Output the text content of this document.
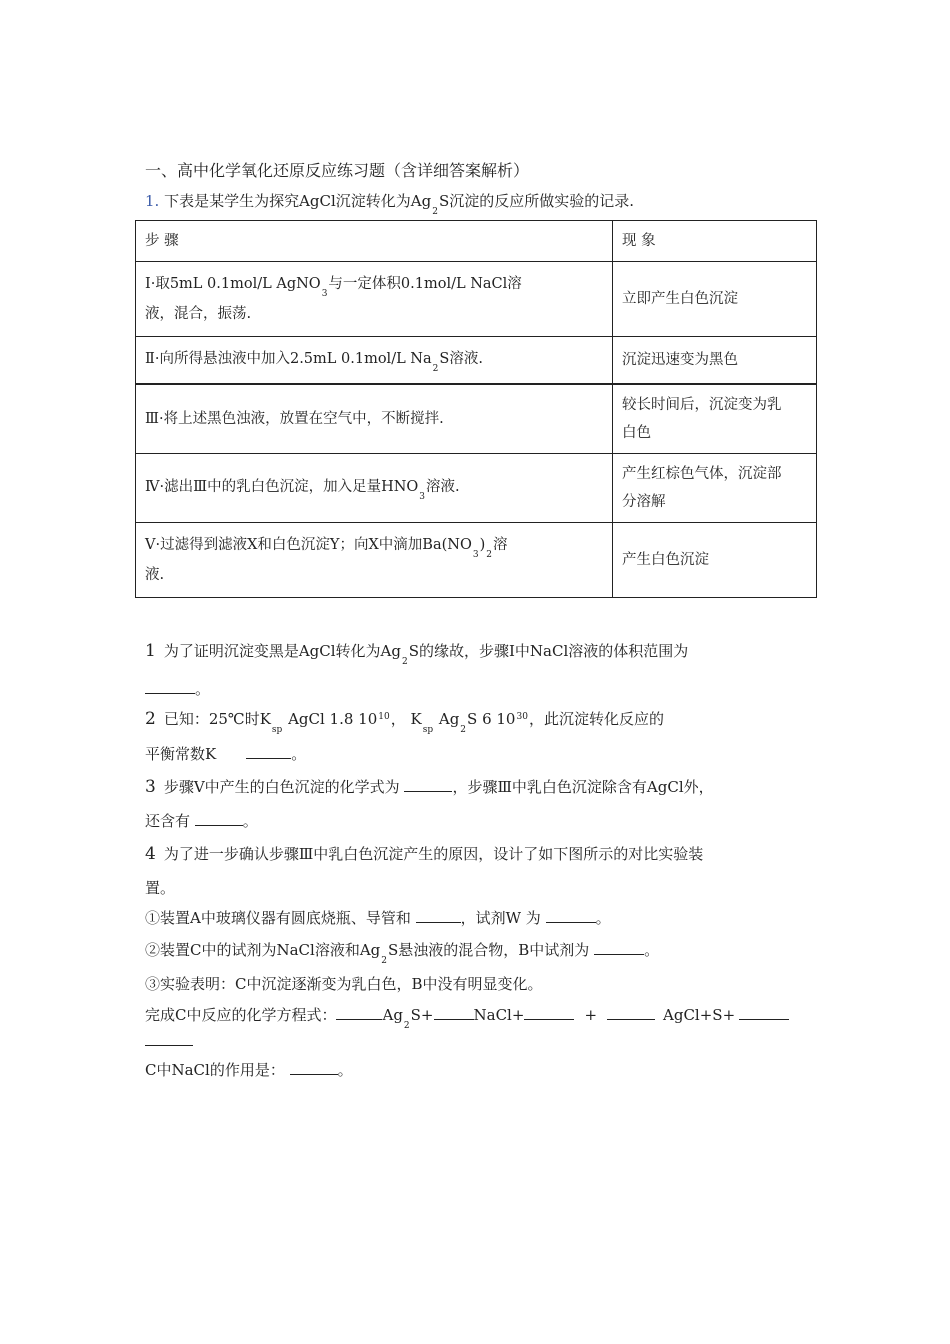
一、高中化学氧化还原反应练习题（含详细答案解析）
1. 下表是某学生为探究AgCl沉淀转化为$Ag_2S$沉淀的反应所做实验的记录.
步 骤	现 象
Ⅰ·取5mL 0.1mol/L AgNO$_3$与一定体积0.1mol/L NaCl溶
液，混合，振荡.	立即产生白色沉淀
Ⅱ·向所得悬浊液中加入2.5mL 0.1mol/L $Na_2S$溶液.	沉淀迅速变为黑色
Ⅲ·将上述黑色浊液，放置在空气中，不断搅拌.	较长时间后，沉淀变为乳
白色
Ⅳ·滤出Ⅲ中的乳白色沉淀，加入足量$HNO_3$溶液.	产生红棕色气体，沉淀部
分溶解
Ⅴ·过滤得到滤液X和白色沉淀Y；向X中滴加$Ba(NO_3)_2$溶
液.	产生白色沉淀
1 为了证明沉淀变黑是AgCl转化为$Ag_2S$的缘故，步骤Ⅰ中NaCl溶液的体积范围为
。
2 已知：25℃时$K_{sp}$ AgCl 1.8 $10^{10}$， $K_{sp}$ $Ag_2S$ 6 $10^{30}$，此沉淀转化反应的
平衡常数K	。
3 步骤Ⅴ中产生的白色沉淀的化学式为	，步骤Ⅲ中乳白色沉淀除含有AgCl外，
还含有	。
4 为了进一步确认步骤Ⅲ中乳白色沉淀产生的原因，设计了如下图所示的对比实验装
置。
①装置A中玻璃仪器有圆底烧瓶、导管和	，试剂W 为	。
②装置C中的试剂为NaCl溶液和$Ag_2S$悬浊液的混合物，B中试剂为	。
③实验表明：C中沉淀逐渐变为乳白色，B中没有明显变化。
完成C中反应的化学方程式：	$Ag_2S+$	NaCl+	+	AgCl+S+
C中NaCl的作用是：	。
